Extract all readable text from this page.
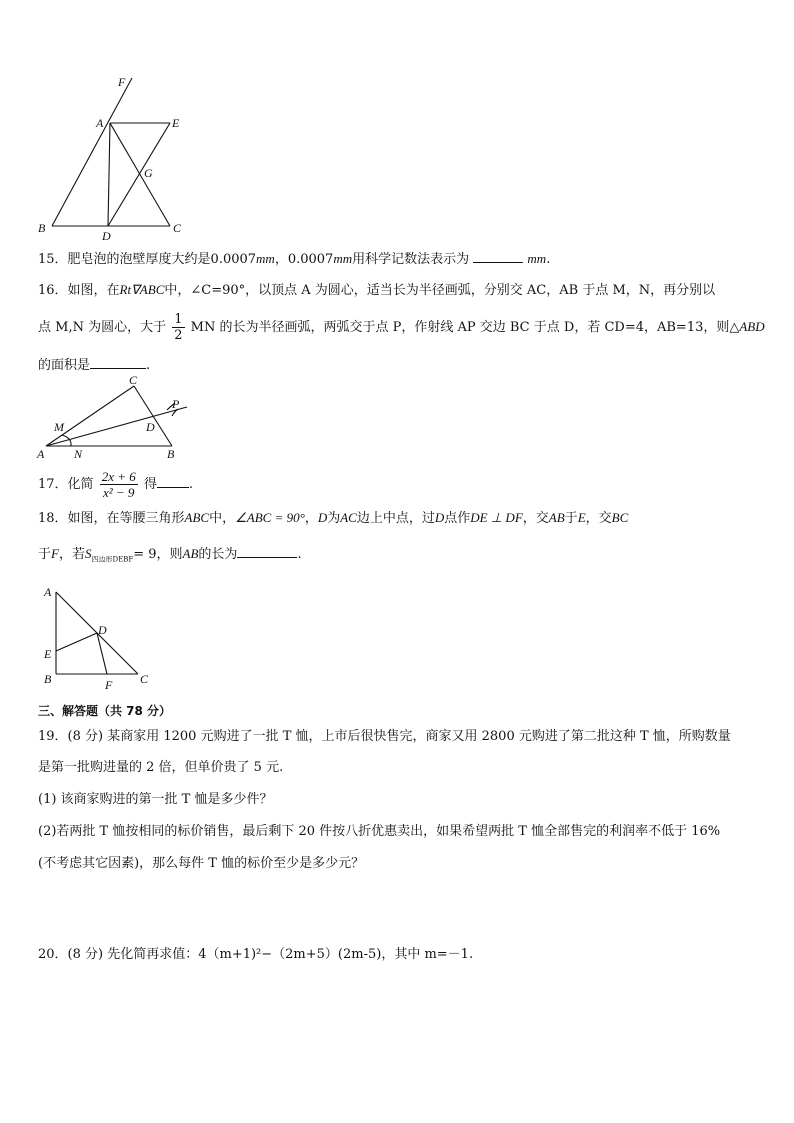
F
A	E
G
B
D
C
15．肥皂泡的泡壁厚度大约是0.0007mm，0.0007mm用科学记数法表示为	mm.
16．如图，在Rt∇ABC中，∠C=90°，以顶点 A 为圆心，适当长为半径画弧，分别交 AC，AB 于点 M，N，再分别以
点 M,N 为圆心，大于 $\frac{1}{2}$ MN 的长为半径画弧，两弧交于点 P，作射线 AP 交边 BC 于点 D，若 CD=4，AB=13，则△ABD
的面积是	.
C
P
M	D
A N	B
17．化简 $\frac{2x + 6}{\text{x² − 9}}$ 得 .
18．如图，在等腰三角形ABC中，∠ABC = 90°，D为AC边上中点，过D点作DE ⊥ DF，交AB于E，交BC
于F，若$S_{四边形DEBF}= 9$，则AB的长为	.
A
D
E
B	F C
三、解答题（共 78 分）
19．(8 分) 某商家用 1200 元购进了一批 T 恤，上市后很快售完，商家又用 2800 元购进了第二批这种 T 恤，所购数量
是第一批购进量的 2 倍，但单价贵了 5 元.
(1) 该商家购进的第一批 T 恤是多少件？
(2)若两批 T 恤按相同的标价销售，最后剩下 20 件按八折优惠卖出，如果希望两批 T 恤全部售完的利润率不低于 16%
(不考虑其它因素)，那么每件 T 恤的标价至少是多少元？
20．(8 分) 先化简再求值：4（m+1)²−（2m+5）(2m-5)，其中 m=－1.
